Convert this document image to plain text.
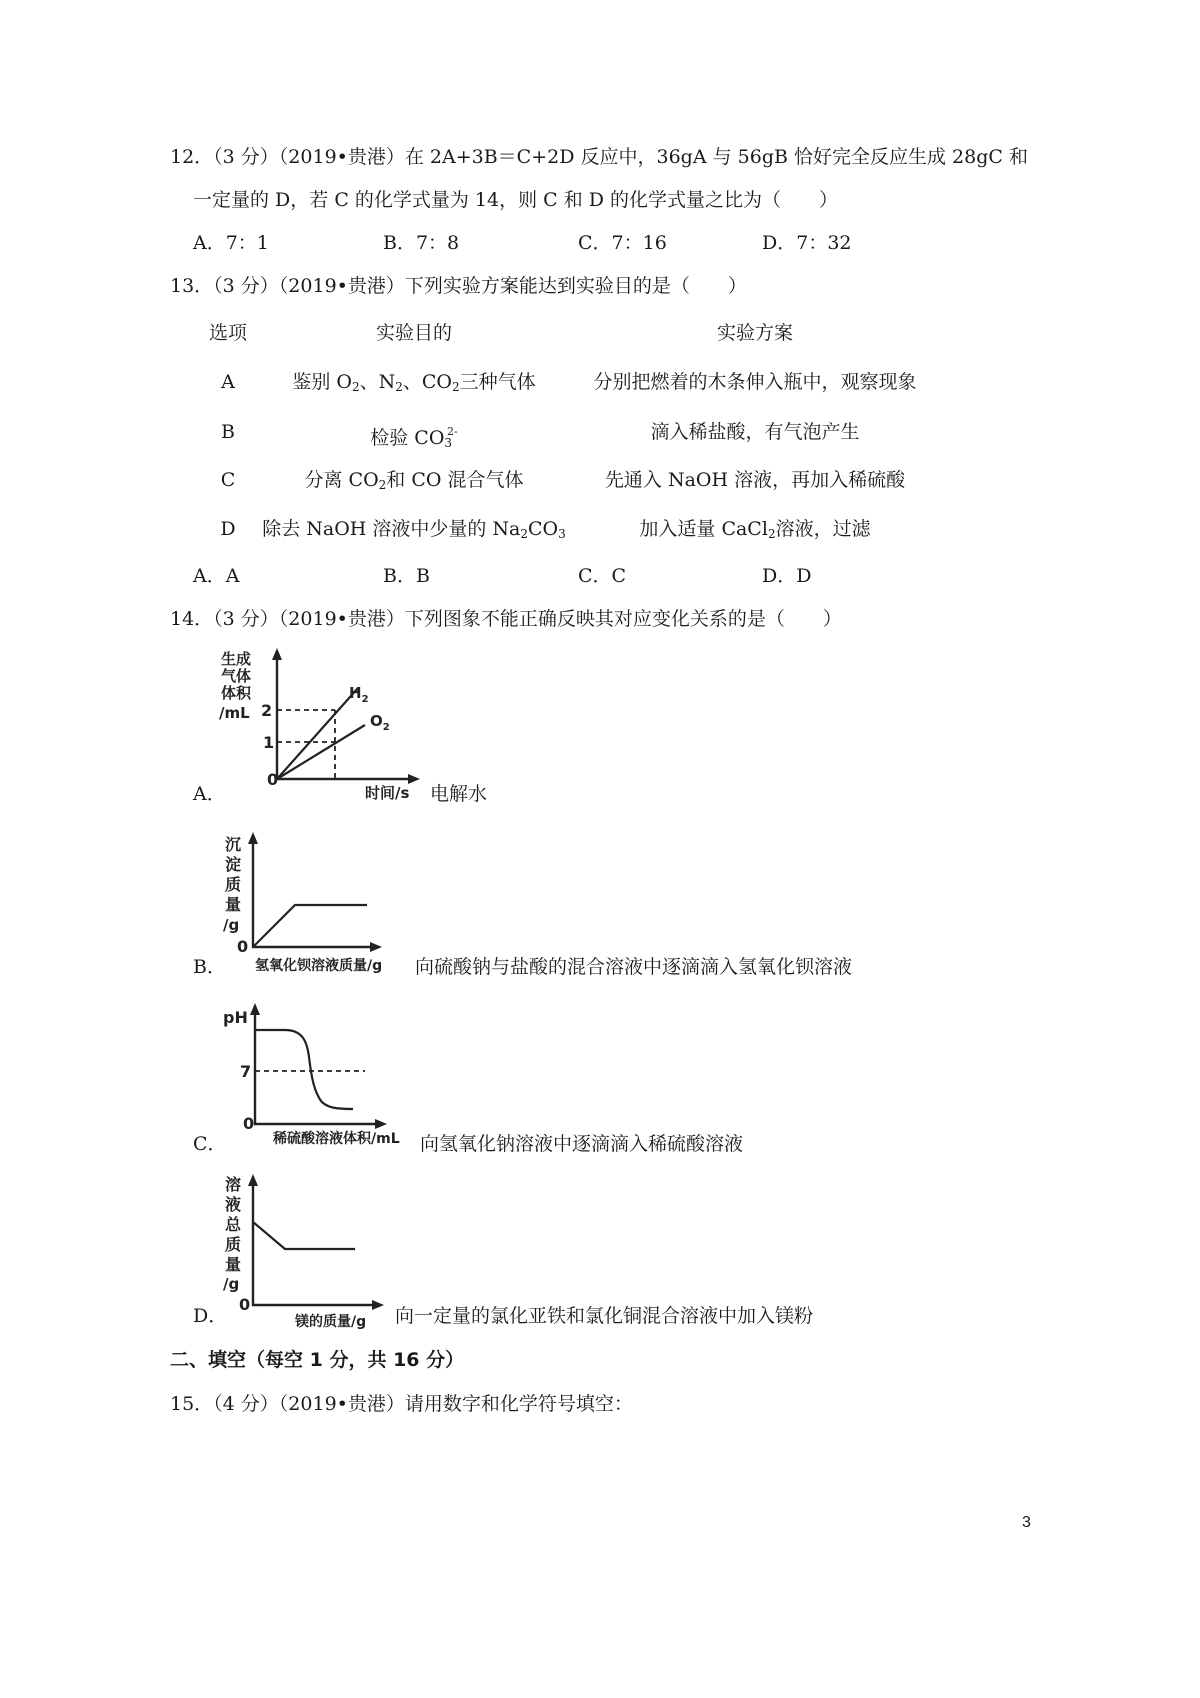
12．（3 分）（2019•贵港）在 2A+3B＝C+2D 反应中，36gA 与 56gB 恰好完全反应生成 28gC 和
一定量的 D，若 C 的化学式量为 14，则 C 和 D 的化学式量之比为（　　）
A．7：1	B．7：8	C．7：16	D．7：32
13．（3 分）（2019•贵港）下列实验方案能达到实验目的是（　　）
选项	实验目的	实验方案
A	鉴别 $O_2$、$N_2$、$CO_2$三种气体	分别把燃着的木条伸入瓶中，观察现象
B	检验 $CO_3^{2-}$	滴入稀盐酸，有气泡产生
C	分离 $CO_2$和 CO 混合气体	先通入 NaOH 溶液，再加入稀硫酸
D 除去 NaOH 溶液中少量的 $Na_2CO_3$	加入适量 CaCl$_2$溶液，过滤
A．A	B．B	C．C	D．D
14．（3 分）（2019•贵港）下列图象不能正确反映其对应变化关系的是（　　）
生成
气体
体积
/mL 2
1
0
$H_2$
$O_2$
时间/s
A．	电解水
沉
淀
质
量
/g
0
氢氧化钡溶液质量/g
B．	向硫酸钠与盐酸的混合溶液中逐滴滴入氢氧化钡溶液
pH
7
0
稀硫酸溶液体积/mL
C．	向氢氧化钠溶液中逐滴滴入稀硫酸溶液
溶
液
总
质
量
/g
0
镁的质量/g
D．	向一定量的氯化亚铁和氯化铜混合溶液中加入镁粉
二、填空（每空 1 分，共 16 分）
15．（4 分）（2019•贵港）请用数字和化学符号填空：
3
